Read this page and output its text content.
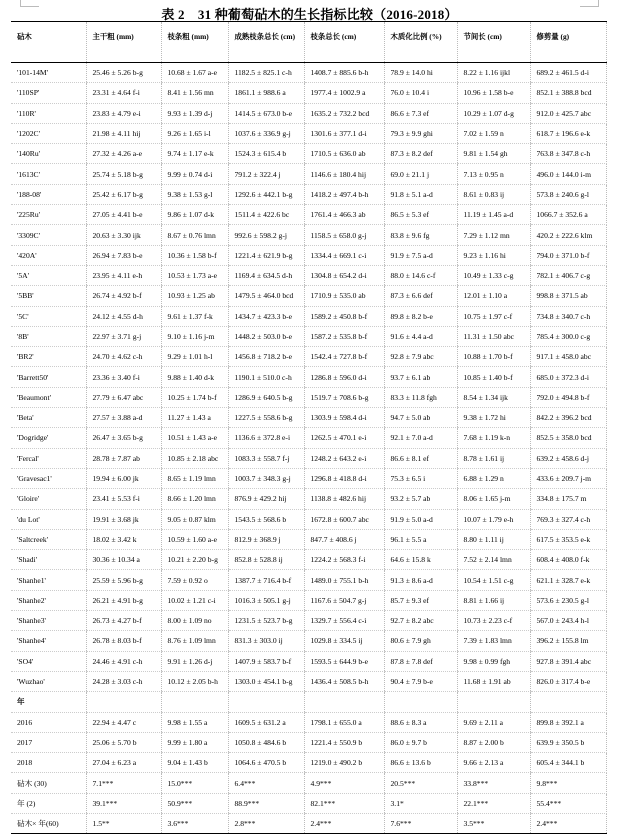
表 2　31 种葡萄砧木的生长指标比较（2016-2018）
砧木	主干粗 (mm)	枝条粗 (mm)	成熟枝条总长 (cm)	枝条总长 (cm)	木质化比例 (%)	节间长 (cm)	修剪量 (g)
'101-14M'	25.46 ± 5.26 b-g	10.68 ± 1.67 a-e	1182.5 ± 825.1 c-h	1408.7 ± 885.6 b-h	78.9 ± 14.0 hi	8.22 ± 1.16 ijkl	689.2 ± 461.5 d-i
'110SP'	23.31 ± 4.64 f-i	8.41 ± 1.56 mn	1861.1 ± 988.6 a	1977.4 ± 1002.9 a	76.0 ± 10.4 i	10.96 ± 1.58 b-e	852.1 ± 388.8 bcd
'110R'	23.83 ± 4.79 e-i	9.93 ± 1.39 d-j	1414.5 ± 673.0 b-e	1635.2 ± 732.2 bcd	86.6 ± 7.3 ef	10.29 ± 1.07 d-g	912.0 ± 425.7 abc
'1202C'	21.98 ± 4.11 hij	9.26 ± 1.65 i-l	1037.6 ± 336.9 g-j	1301.6 ± 377.1 d-i	79.3 ± 9.9 ghi	7.02 ± 1.59 n	618.7 ± 196.6 e-k
'140Ru'	27.32 ± 4.26 a-e	9.74 ± 1.17 e-k	1524.3 ± 615.4 b	1710.5 ± 636.0 ab	87.3 ± 8.2 def	9.81 ± 1.54 gh	763.8 ± 347.8 c-h
'1613C'	25.74 ± 5.18 b-g	9.99 ± 0.74 d-i	791.2 ± 322.4 j	1146.6 ± 180.4 hij	69.0 ± 21.1 j	7.13 ± 0.95 n	496.0 ± 144.0 i-m
'188-08'	25.42 ± 6.17 b-g	9.38 ± 1.53 g-l	1292.6 ± 442.1 b-g	1418.2 ± 497.4 b-h	91.8 ± 5.1 a-d	8.61 ± 0.83 ij	573.8 ± 240.6 g-l
'225Ru'	27.05 ± 4.41 b-e	9.86 ± 1.07 d-k	1511.4 ± 422.6 bc	1761.4 ± 466.3 ab	86.5 ± 5.3 ef	11.19 ± 1.45 a-d	1066.7 ± 352.6 a
'3309C'	20.63 ± 3.30 ijk	8.67 ± 0.76 lmn	992.6 ± 598.2 g-j	1158.5 ± 658.0 g-j	83.8 ± 9.6 fg	7.29 ± 1.12 mn	420.2 ± 222.6 klm
'420A'	26.94 ± 7.83 b-e	10.36 ± 1.58 b-f	1221.4 ± 621.9 b-g	1334.4 ± 669.1 c-i	91.9 ± 7.5 a-d	9.23 ± 1.16 hi	794.0 ± 371.0 b-f
'5A'	23.95 ± 4.11 e-h	10.53 ± 1.73 a-e	1169.4 ± 634.5 d-h	1304.8 ± 654.2 d-i	88.0 ± 14.6 c-f	10.49 ± 1.33 c-g	782.1 ± 406.7 c-g
'5BB'	26.74 ± 4.92 b-f	10.93 ± 1.25 ab	1479.5 ± 464.0 bcd	1710.9 ± 535.0 ab	87.3 ± 6.6 def	12.01 ± 1.10 a	998.8 ± 371.5 ab
'5C'	24.12 ± 4.55 d-h	9.61 ± 1.37 f-k	1434.7 ± 423.3 b-e	1589.2 ± 450.8 b-f	89.8 ± 8.2 b-e	10.75 ± 1.97 c-f	734.8 ± 340.7 c-h
'8B'	22.97 ± 3.71 g-j	9.10 ± 1.16 j-m	1448.2 ± 503.0 b-e	1587.2 ± 535.8 b-f	91.6 ± 4.4 a-d	11.31 ± 1.50 abc	785.4 ± 300.0 c-g
'BR2'	24.70 ± 4.62 c-h	9.29 ± 1.01 h-l	1456.8 ± 718.2 b-e	1542.4 ± 727.8 b-f	92.8 ± 7.9 abc	10.88 ± 1.70 b-f	917.1 ± 458.0 abc
'Barrett50'	23.36 ± 3.40 f-i	9.88 ± 1.40 d-k	1190.1 ± 510.0 c-h	1286.8 ± 596.0 d-i	93.7 ± 6.1 ab	10.85 ± 1.40 b-f	685.0 ± 372.3 d-i
'Beaumont'	27.79 ± 6.47 abc	10.25 ± 1.74 b-f	1286.9 ± 640.5 b-g	1519.7 ± 708.6 b-g	83.3 ± 11.8 fgh	8.54 ± 1.34 ijk	792.0 ± 494.8 b-f
'Beta'	27.57 ± 3.88 a-d	11.27 ± 1.43 a	1227.5 ± 558.6 b-g	1303.9 ± 598.4 d-i	94.7 ± 5.0 ab	9.38 ± 1.72 hi	842.2 ± 396.2 bcd
'Dogridge'	26.47 ± 3.65 b-g	10.51 ± 1.43 a-e	1136.6 ± 372.8 e-i	1262.5 ± 470.1 e-i	92.1 ± 7.0 a-d	7.68 ± 1.19 k-n	852.5 ± 358.0 bcd
'Fercal'	28.78 ± 7.87 ab	10.85 ± 2.18 abc	1083.3 ± 558.7 f-j	1248.2 ± 643.2 e-i	86.6 ± 8.1 ef	8.78 ± 1.61 ij	639.2 ± 458.6 d-j
'Gravesac1'	19.94 ± 6.00 jk	8.65 ± 1.19 lmn	1003.7 ± 348.3 g-j	1296.8 ± 418.8 d-i	75.3 ± 6.5 i	6.88 ± 1.29 n	433.6 ± 209.7 j-m
'Gloire'	23.41 ± 5.53 f-i	8.66 ± 1.20 lmn	876.9 ± 429.2 hij	1138.8 ± 482.6 hij	93.2 ± 5.7 ab	8.06 ± 1.65 j-m	334.8 ± 175.7 m
'du Lot'	19.91 ± 3.68 jk	9.05 ± 0.87 klm	1543.5 ± 568.6 b	1672.8 ± 600.7 abc	91.9 ± 5.0 a-d	10.07 ± 1.79 e-h	769.3 ± 327.4 c-h
'Saltcreek'	18.02 ± 3.42 k	10.59 ± 1.60 a-e	812.9 ± 368.9 j	847.7 ± 408.6 j	96.1 ± 5.5 a	8.80 ± 1.11 ij	617.5 ± 353.5 e-k
'Shadi'	30.36 ± 10.34 a	10.21 ± 2.20 b-g	852.8 ± 528.8 ij	1224.2 ± 568.3 f-i	64.6 ± 15.8 k	7.52 ± 2.14 lmn	608.4 ± 408.0 f-k
'Shanhe1'	25.59 ± 5.96 b-g	7.59 ± 0.92 o	1387.7 ± 716.4 b-f	1489.0 ± 755.1 b-h	91.3 ± 8.6 a-d	10.54 ± 1.51 c-g	621.1 ± 328.7 e-k
'Shanhe2'	26.21 ± 4.91 b-g	10.02 ± 1.21 c-i	1016.3 ± 505.1 g-j	1167.6 ± 504.7 g-j	85.7 ± 9.3 ef	8.81 ± 1.66 ij	573.6 ± 230.5 g-l
'Shanhe3'	26.73 ± 4.27 b-f	8.00 ± 1.09 no	1231.5 ± 523.7 b-g	1329.7 ± 556.4 c-i	92.7 ± 8.2 abc	10.73 ± 2.23 c-f	567.0 ± 243.4 h-l
'Shanhe4'	26.78 ± 8.03 b-f	8.76 ± 1.09 lmn	831.3 ± 303.0 ij	1029.8 ± 334.5 ij	80.6 ± 7.9 gh	7.39 ± 1.83 lmn	396.2 ± 155.8 lm
'SO4'	24.46 ± 4.91 c-h	9.91 ± 1.26 d-j	1407.9 ± 583.7 b-f	1593.5 ± 644.9 b-e	87.8 ± 7.8 def	9.98 ± 0.99 fgh	927.8 ± 391.4 abc
'Wuzhao'	24.28 ± 3.03 c-h	10.12 ± 2.05 b-h	1303.0 ± 454.1 b-g	1436.4 ± 508.5 b-h	90.4 ± 7.9 b-e	11.68 ± 1.91 ab	826.0 ± 317.4 b-e
年							
2016	22.94 ± 4.47 c	9.98 ± 1.55 a	1609.5 ± 631.2 a	1798.1 ± 655.0 a	88.6 ± 8.3 a	9.69 ± 2.11 a	899.8 ± 392.1 a
2017	25.06 ± 5.70 b	9.99 ± 1.80 a	1050.8 ± 484.6 b	1221.4 ± 550.9 b	86.0 ± 9.7 b	8.87 ± 2.00 b	639.9 ± 350.5 b
2018	27.04 ± 6.23 a	9.04 ± 1.43 b	1064.6 ± 470.5 b	1219.0 ± 490.2 b	86.6 ± 13.6 b	9.66 ± 2.13 a	605.4 ± 344.1 b
砧木 (30)	7.1***	15.0***	6.4***	4.9***	20.5***	33.8***	9.8***
年 (2)	39.1***	50.9***	88.9***	82.1***	3.1*	22.1***	55.4***
砧木× 年(60)	1.5**	3.6***	2.8***	2.4***	7.6***	3.5***	2.4***
